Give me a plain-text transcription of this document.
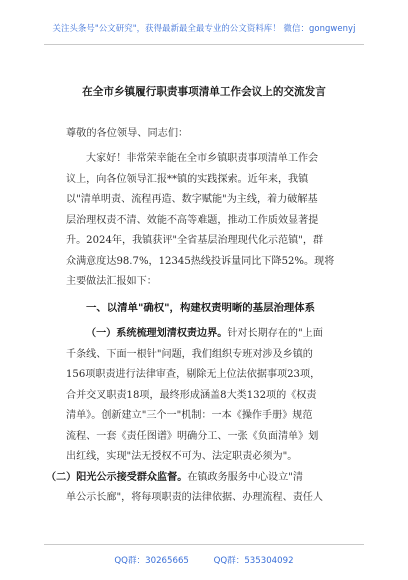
关注头条号"公文研究"，获得最新最全最专业的公文资料库！ 微信：gongwenyj
在全市乡镇履行职责事项清单工作会议上的交流发言
尊敬的各位领导、同志们：
大家好！非常荣幸能在全市乡镇职责事项清单工作会
议上，向各位领导汇报**镇的实践探索。近年来，我镇
以"清单明责、流程再造、数字赋能"为主线，着力破解基
层治理权责不清、效能不高等难题，推动工作质效显著提
升。2024年，我镇获评"全省基层治理现代化示范镇"，群
众满意度达98.7%，12345热线投诉量同比下降52%。现将
主要做法汇报如下：
一、以清单"确权"，构建权责明晰的基层治理体系
（一）系统梳理划清权责边界。针对长期存在的"上面
千条线、下面一根针"问题，我们组织专班对涉及乡镇的
156项职责进行法律审查，剔除无上位法依据事项23项，
合并交叉职责18项，最终形成涵盖8大类132项的《权责
清单》。创新建立"三个一"机制：一本《操作手册》规范
流程、一套《责任图谱》明确分工、一张《负面清单》划
出红线，实现"法无授权不可为、法定职责必须为"。
（二）阳光公示接受群众监督。在镇政务服务中心设立"清
单公示长廊"，将每项职责的法律依据、办理流程、责任人
QQ群：30265665	QQ群：535304092
